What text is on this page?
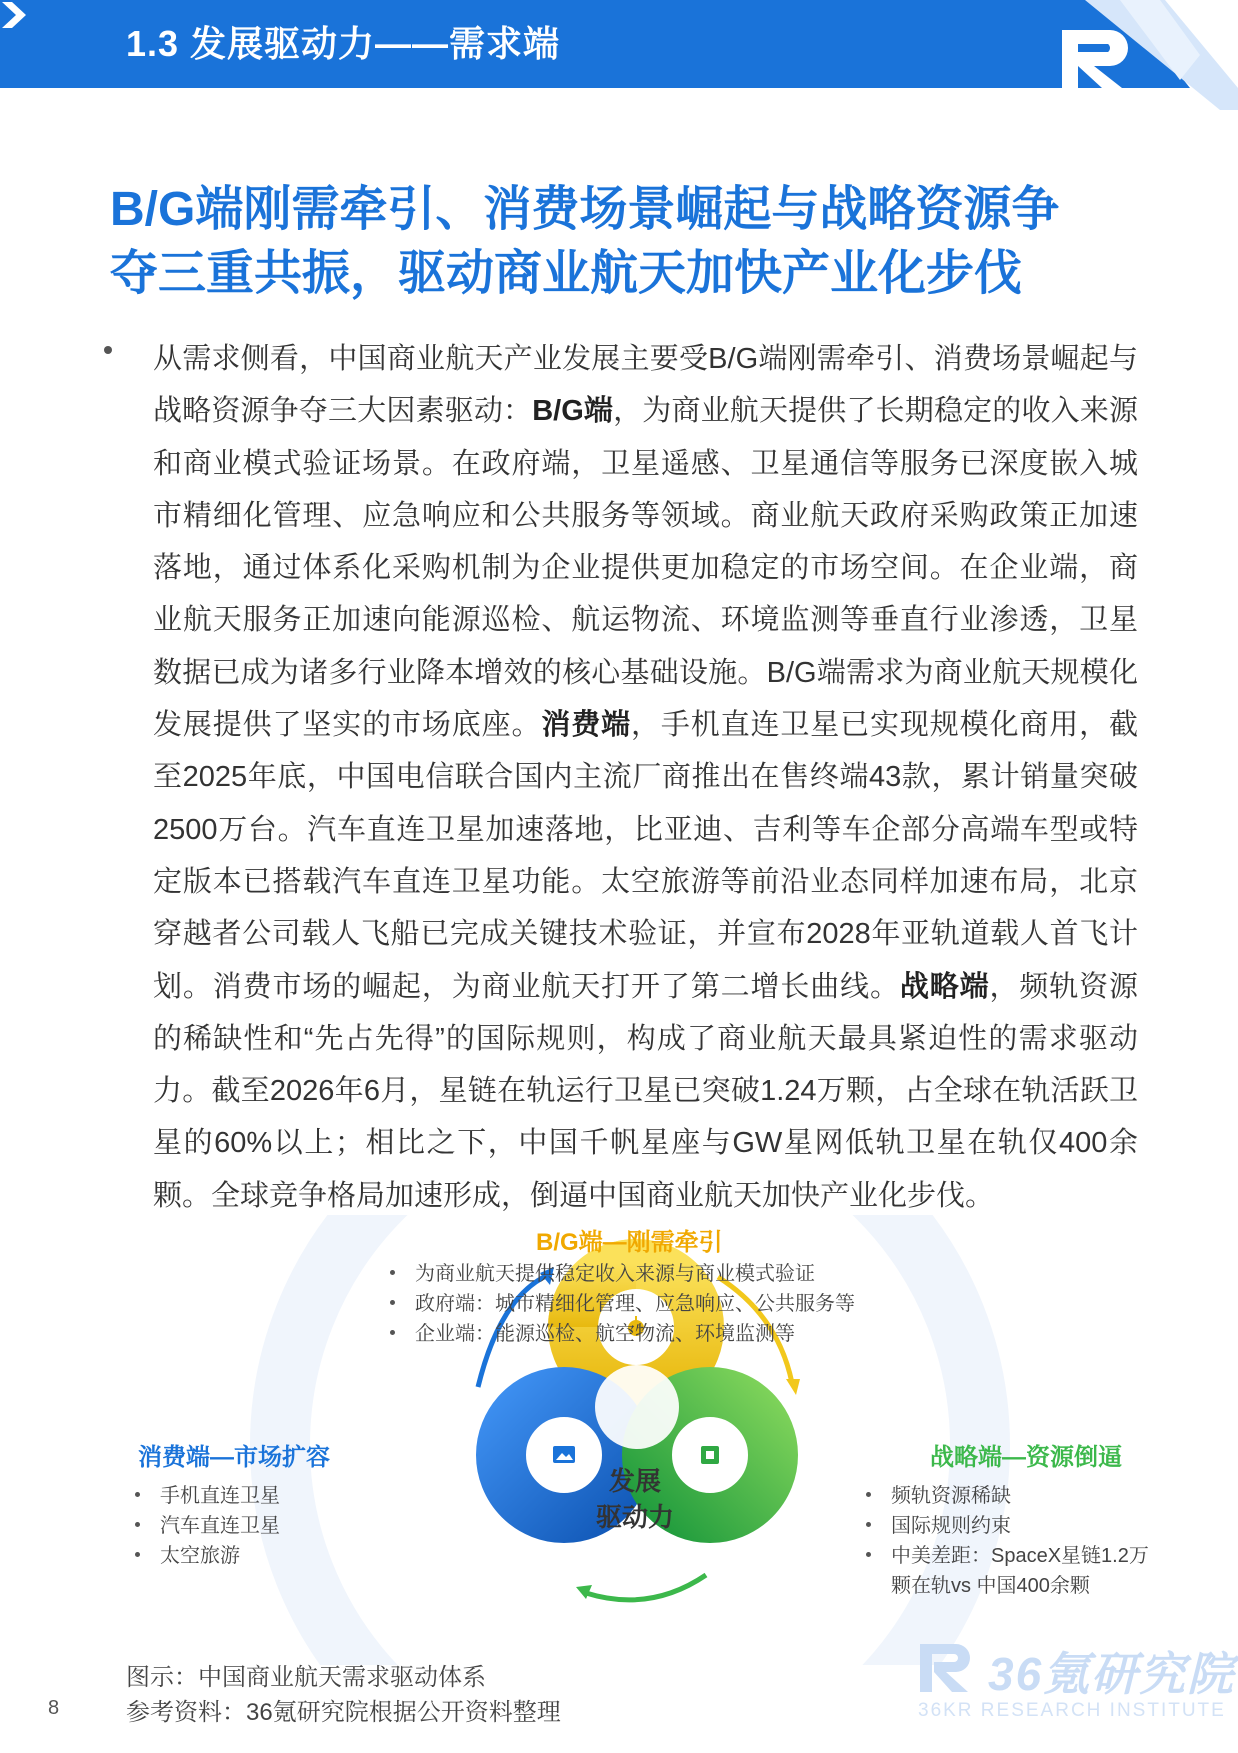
1.3 发展驱动力——需求端
B/G端刚需牵引、消费场景崛起与战略资源争
夺三重共振，驱动商业航天加快产业化步伐

从需求侧看，中国商业航天产业发展主要受B/G端刚需牵引、消费场景崛起与战略资源争夺三大因素驱动：B/G端，为商业航天提供了长期稳定的收入来源和商业模式验证场景。在政府端，卫星遥感、卫星通信等服务已深度嵌入城市精细化管理、应急响应和公共服务等领域。商业航天政府采购政策正加速落地，通过体系化采购机制为企业提供更加稳定的市场空间。在企业端，商业航天服务正加速向能源巡检、航运物流、环境监测等垂直行业渗透，卫星数据已成为诸多行业降本增效的核心基础设施。B/G端需求为商业航天规模化发展提供了坚实的市场底座。消费端，手机直连卫星已实现规模化商用，截至2025年底，中国电信联合国内主流厂商推出在售终端43款，累计销量突破2500万台。汽车直连卫星加速落地，比亚迪、吉利等车企部分高端车型或特定版本已搭载汽车直连卫星功能。太空旅游等前沿业态同样加速布局，北京穿越者公司载人飞船已完成关键技术验证，并宣布2028年亚轨道载人首飞计划。消费市场的崛起，为商业航天打开了第二增长曲线。战略端，频轨资源的稀缺性和“先占先得”的国际规则，构成了商业航天最具紧迫性的需求驱动力。截至2026年6月，星链在轨运行卫星已突破1.24万颗，占全球在轨活跃卫星的60%以上；相比之下，中国千帆星座与GW星网低轨卫星在轨仅400余颗。全球竞争格局加速形成，倒逼中国商业航天加快产业化步伐。

B/G端—刚需牵引
为商业航天提供稳定收入来源与商业模式验证
政府端：城市精细化管理、应急响应、公共服务等
企业端：能源巡检、航空物流、环境监测等
消费端—市场扩容
手机直连卫星
汽车直连卫星
太空旅游
战略端—资源倒逼
频轨资源稀缺
国际规则约束
中美差距：SpaceX星链1.2万
颗在轨vs 中国400余颗
发展
驱动力
图示：中国商业航天需求驱动体系
参考资料：36氪研究院根据公开资料整理
8
36氪研究院
36KR RESEARCH INSTITUTE
